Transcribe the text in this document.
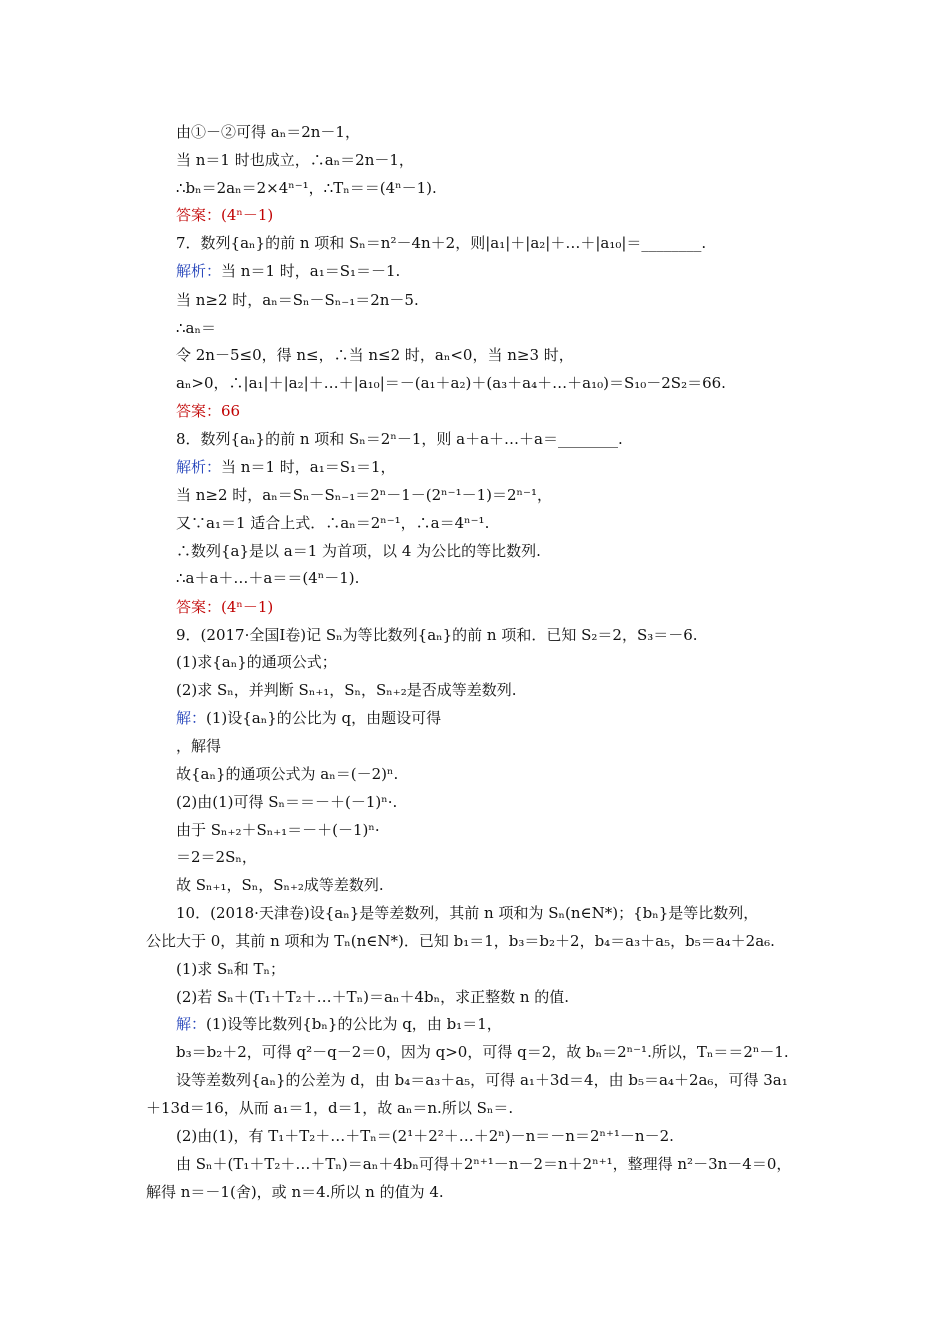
由①－②可得 aₙ＝2n－1，
当 n＝1 时也成立，∴aₙ＝2n－1，
∴bₙ＝2aₙ＝2×4ⁿ⁻¹，∴Tₙ＝＝(4ⁿ－1).
答案：(4ⁿ－1)
7．数列{aₙ}的前 n 项和 Sₙ＝n²－4n＋2，则|a₁|＋|a₂|＋…＋|a₁₀|＝________.
解析：当 n＝1 时，a₁＝S₁＝－1.
当 n≥2 时，aₙ＝Sₙ－Sₙ₋₁＝2n－5.
∴aₙ＝
令 2n－5≤0，得 n≤，∴当 n≤2 时，aₙ<0，当 n≥3 时，
aₙ>0，∴|a₁|＋|a₂|＋…＋|a₁₀|＝－(a₁＋a₂)＋(a₃＋a₄＋…＋a₁₀)＝S₁₀－2S₂＝66.
答案：66
8．数列{aₙ}的前 n 项和 Sₙ＝2ⁿ－1，则 a＋a＋…＋a＝________.
解析：当 n＝1 时，a₁＝S₁＝1，
当 n≥2 时，aₙ＝Sₙ－Sₙ₋₁＝2ⁿ－1－(2ⁿ⁻¹－1)＝2ⁿ⁻¹，
又∵a₁＝1 适合上式．∴aₙ＝2ⁿ⁻¹，∴a＝4ⁿ⁻¹.
∴数列{a}是以 a＝1 为首项，以 4 为公比的等比数列.
∴a＋a＋…＋a＝＝(4ⁿ－1).
答案：(4ⁿ－1)
9．(2017·全国Ⅰ卷)记 Sₙ为等比数列{aₙ}的前 n 项和．已知 S₂＝2，S₃＝－6.
(1)求{aₙ}的通项公式；
(2)求 Sₙ，并判断 Sₙ₊₁，Sₙ，Sₙ₊₂是否成等差数列.
解：(1)设{aₙ}的公比为 q，由题设可得
，解得
故{aₙ}的通项公式为 aₙ＝(－2)ⁿ.
(2)由(1)可得 Sₙ＝＝－＋(－1)ⁿ·.
由于 Sₙ₊₂＋Sₙ₊₁＝－＋(－1)ⁿ·
＝2＝2Sₙ，
故 Sₙ₊₁，Sₙ，Sₙ₊₂成等差数列.
10．(2018·天津卷)设{aₙ}是等差数列，其前 n 项和为 Sₙ(n∈N*)；{bₙ}是等比数列，
公比大于 0，其前 n 项和为 Tₙ(n∈N*)．已知 b₁＝1，b₃＝b₂＋2，b₄＝a₃＋a₅，b₅＝a₄＋2a₆.
(1)求 Sₙ和 Tₙ；
(2)若 Sₙ＋(T₁＋T₂＋…＋Tₙ)＝aₙ＋4bₙ，求正整数 n 的值.
解：(1)设等比数列{bₙ}的公比为 q，由 b₁＝1，
b₃＝b₂＋2，可得 q²－q－2＝0，因为 q>0，可得 q＝2，故 bₙ＝2ⁿ⁻¹.所以，Tₙ＝＝2ⁿ－1.
设等差数列{aₙ}的公差为 d，由 b₄＝a₃＋a₅，可得 a₁＋3d＝4，由 b₅＝a₄＋2a₆，可得 3a₁
＋13d＝16，从而 a₁＝1，d＝1，故 aₙ＝n.所以 Sₙ＝.
(2)由(1)，有 T₁＋T₂＋…＋Tₙ＝(2¹＋2²＋…＋2ⁿ)－n＝－n＝2ⁿ⁺¹－n－2.
由 Sₙ＋(T₁＋T₂＋…＋Tₙ)＝aₙ＋4bₙ可得＋2ⁿ⁺¹－n－2＝n＋2ⁿ⁺¹，整理得 n²－3n－4＝0，
解得 n＝－1(舍)，或 n＝4.所以 n 的值为 4.
